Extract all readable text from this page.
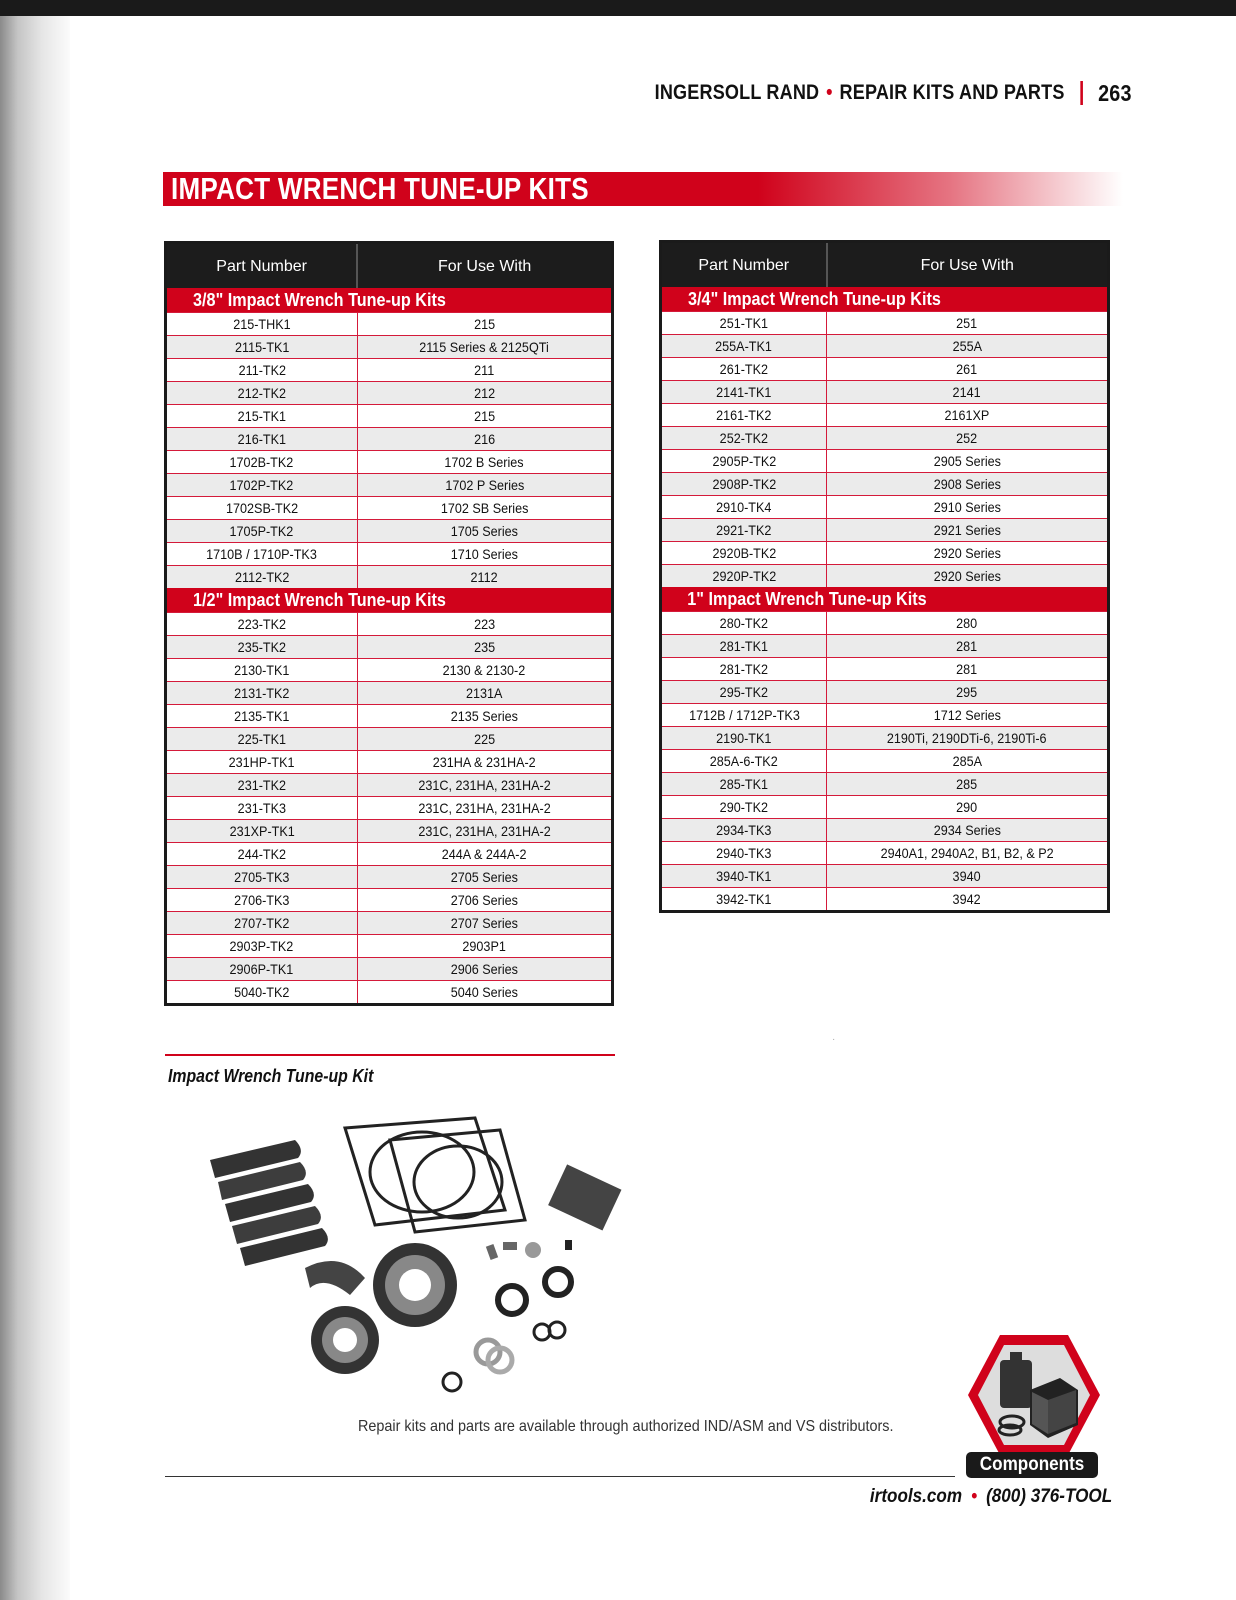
INGERSOLL RAND • REPAIR KITS AND PARTS 263
IMPACT WRENCH TUNE-UP KITS
Part Number	For Use With
3/8" Impact Wrench Tune-up Kits	
215-THK1	215
2115-TK1	2115 Series & 2125QTi
211-TK2	211
212-TK2	212
215-TK1	215
216-TK1	216
1702B-TK2	1702 B Series
1702P-TK2	1702 P Series
1702SB-TK2	1702 SB Series
1705P-TK2	1705 Series
1710B / 1710P-TK3	1710 Series
2112-TK2	2112
1/2" Impact Wrench Tune-up Kits	
223-TK2	223
235-TK2	235
2130-TK1	2130 & 2130-2
2131-TK2	2131A
2135-TK1	2135 Series
225-TK1	225
231HP-TK1	231HA & 231HA-2
231-TK2	231C, 231HA, 231HA-2
231-TK3	231C, 231HA, 231HA-2
231XP-TK1	231C, 231HA, 231HA-2
244-TK2	244A & 244A-2
2705-TK3	2705 Series
2706-TK3	2706 Series
2707-TK2	2707 Series
2903P-TK2	2903P1
2906P-TK1	2906 Series
5040-TK2	5040 Series
Part Number	For Use With
3/4" Impact Wrench Tune-up Kits	
251-TK1	251
255A-TK1	255A
261-TK2	261
2141-TK1	2141
2161-TK2	2161XP
252-TK2	252
2905P-TK2	2905 Series
2908P-TK2	2908 Series
2910-TK4	2910 Series
2921-TK2	2921 Series
2920B-TK2	2920 Series
2920P-TK2	2920 Series
1" Impact Wrench Tune-up Kits	
280-TK2	280
281-TK1	281
281-TK2	281
295-TK2	295
1712B / 1712P-TK3	1712 Series
2190-TK1	2190Ti, 2190DTi-6, 2190Ti-6
285A-6-TK2	285A
285-TK1	285
290-TK2	290
2934-TK3	2934 Series
2940-TK3	2940A1, 2940A2, B1, B2, & P2
3940-TK1	3940
3942-TK1	3942
·
Impact Wrench Tune-up Kit
Repair kits and parts are available through authorized IND/ASM and VS distributors.
Components
irtools.com • (800) 376-TOOL
